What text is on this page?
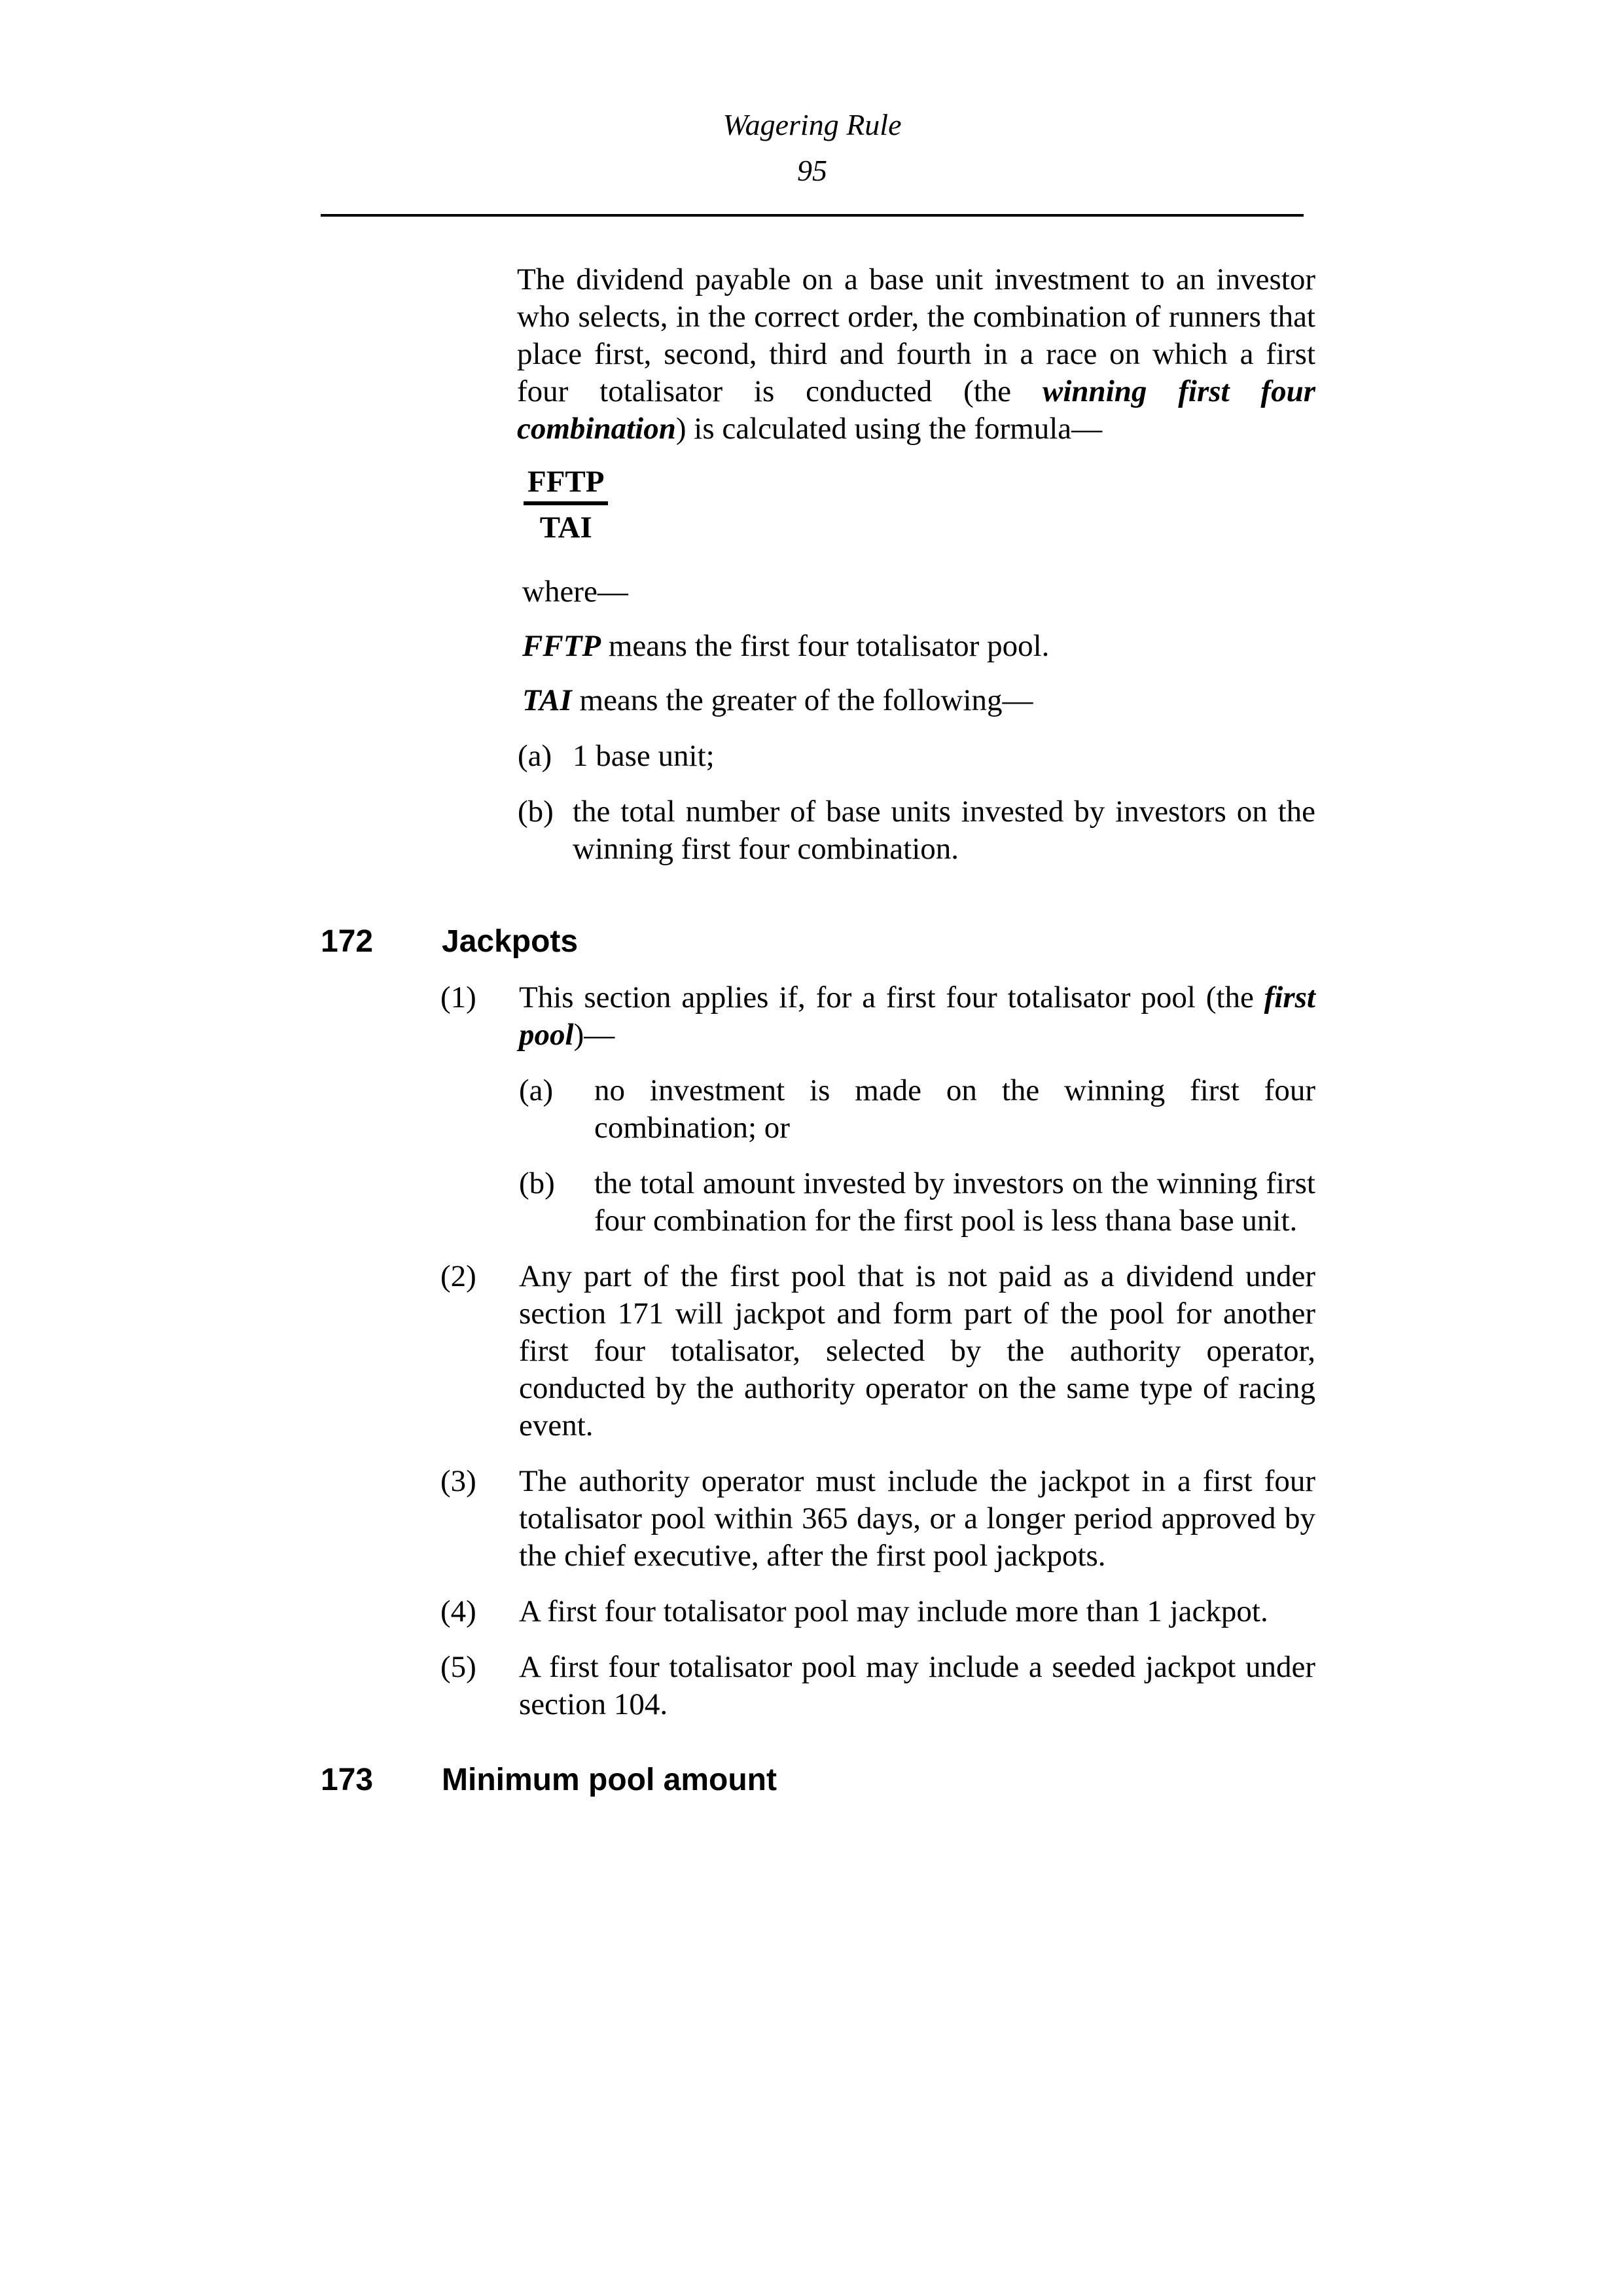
Wagering Rule
95

The dividend payable on a base unit investment to an investor who selects, in the correct order, the combination of runners that place first, second, third and fourth in a race on which a first four totalisator is conducted (the winning first four combination) is calculated using the formula—

FFTP
TAI

where—

FFTP means the first four totalisator pool.

TAI means the greater of the following—

(a) 1 base unit;
(b) the total number of base units invested by investors on the winning first four combination.
172	Jackpots
(1)	This section applies if, for a first four totalisator pool (the first pool)—
(a)	no investment is made on the winning first four combination; or
(b)	the total amount invested by investors on the winning first four combination for the first pool is less thana base unit.
(2)	Any part of the first pool that is not paid as a dividend under section 171 will jackpot and form part of the pool for another first four totalisator, selected by the authority operator, conducted by the authority operator on the same type of racing event.
(3)	The authority operator must include the jackpot in a first four totalisator pool within 365 days, or a longer period approved by the chief executive, after the first pool jackpots.
(4)	A first four totalisator pool may include more than 1 jackpot.
(5)	A first four totalisator pool may include a seeded jackpot under section 104.
173	Minimum pool amount
